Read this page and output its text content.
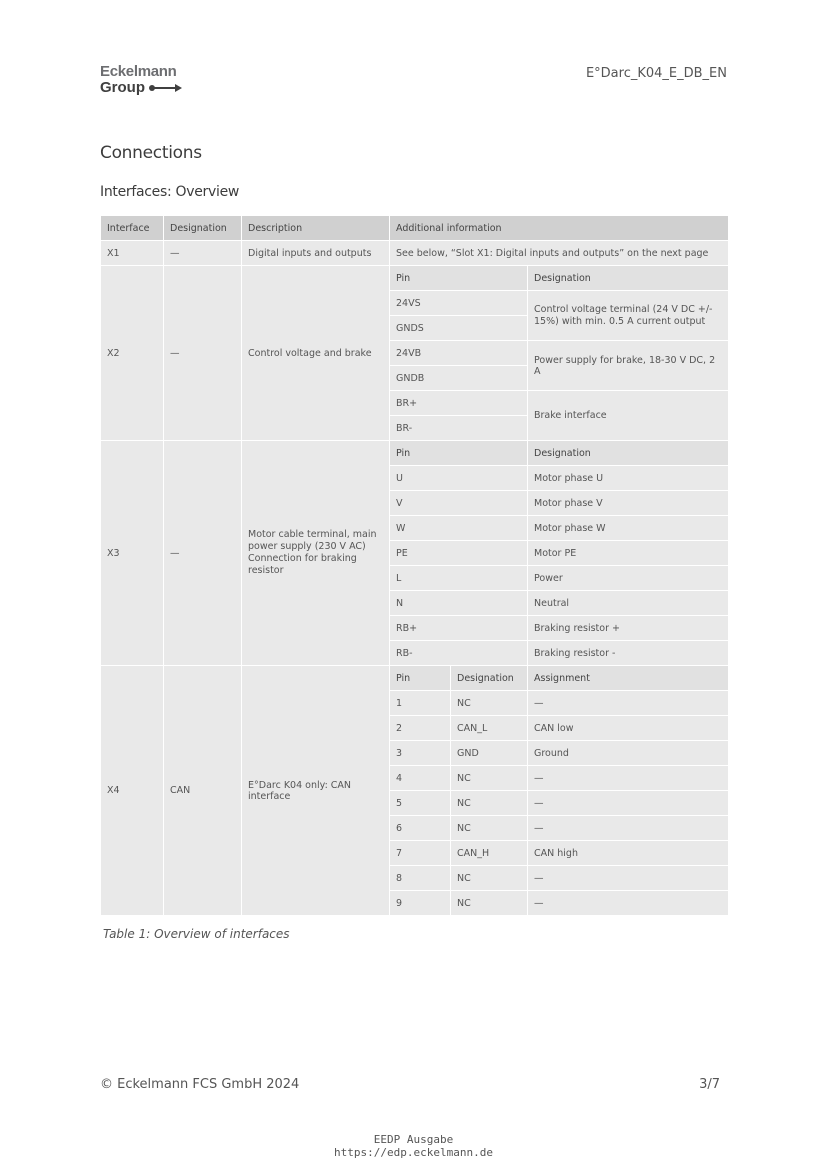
Eckelmann
Group
E°Darc_K04_E_DB_EN
Connections
Interfaces: Overview
Interface	Designation	Description	Additional information		
X1	—	Digital inputs and outputs	See below, “Slot X1: Digital inputs and outputs” on the next page		
X2	—	Control voltage and brake	Pin		Designation
			24VS		Control voltage terminal (24 V DC +/- 15%) with min. 0.5 A current output
			GNDS		
			24VB		Power supply for brake, 18-30 V DC, 2 A
			GNDB		
			BR+		Brake interface
			BR-		
X3	—	Motor cable terminal, main power supply (230 V AC) Connection for braking resistor	Pin		Designation
			U		Motor phase U
			V		Motor phase V
			W		Motor phase W
			PE		Motor PE
			L		Power
			N		Neutral
			RB+		Braking resistor +
			RB-		Braking resistor -
X4	CAN	E°Darc K04 only: CAN interface	Pin	Designation	Assignment
			1	NC	—
			2	CAN_L	CAN low
			3	GND	Ground
			4	NC	—
			5	NC	—
			6	NC	—
			7	CAN_H	CAN high
			8	NC	—
			9	NC	—
Table 1: Overview of interfaces
© Eckelmann FCS GmbH 2024	3/7
EEDP Ausgabe
https://edp.eckelmann.de
